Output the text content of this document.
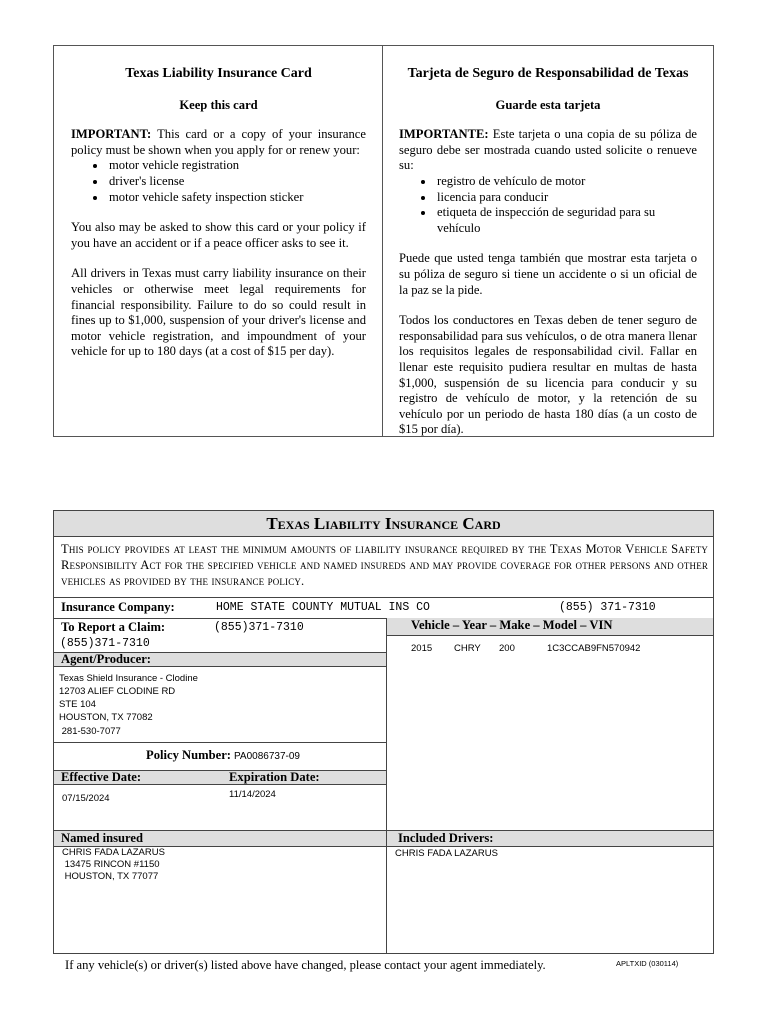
Texas Liability Insurance Card
Keep this card

IMPORTANT: This card or a copy of your insurance policy must be shown when you apply for or renew your:

• motor vehicle registration
• driver's license
• motor vehicle safety inspection sticker

You also may be asked to show this card or your policy if you have an accident or if a peace officer asks to see it.

All drivers in Texas must carry liability insurance on their vehicles or otherwise meet legal requirements for financial responsibility. Failure to do so could result in fines up to $1,000, suspension of your driver's license and motor vehicle registration, and impoundment of your vehicle for up to 180 days (at a cost of $15 per day).

Tarjeta de Seguro de Responsabilidad de Texas
Guarde esta tarjeta

IMPORTANTE: Este tarjeta o una copia de su póliza de seguro debe ser mostrada cuando usted solicite o renueve su:

• registro de vehículo de motor
• licencia para conducir
• etiqueta de inspección de seguridad para su vehículo

Puede que usted tenga también que mostrar esta tarjeta o su póliza de seguro si tiene un accidente o si un oficial de la paz se la pide.

Todos los conductores en Texas deben de tener seguro de responsabilidad para sus vehículos, o de otra manera llenar los requisitos legales de responsabilidad civil. Fallar en llenar este requisito pudiera resultar en multas de hasta $1,000, suspensión de su licencia para conducir y su registro de vehículo de motor, y la retención de su vehículo por un periodo de hasta 180 días (a un costo de $15 por día).

Texas Liability Insurance Card
This policy provides at least the minimum amounts of liability insurance required by the Texas Motor Vehicle Safety Responsibility Act for the specified vehicle and named insureds and may provide coverage for other persons and other vehicles as provided by the insurance policy.
Insurance Company:	HOME STATE COUNTY MUTUAL INS CO	(855) 371-7310
To Report a Claim:	(855)371-7310
(855)371-7310
Agent/Producer:
Texas Shield Insurance - Clodine
12703 ALIEF CLODINE RD
STE 104
HOUSTON, TX 77082
281-530-7077
Policy Number: PA0086737-09
Effective Date:	Expiration Date:
07/15/2024	11/14/2024
Named insured
CHRIS FADA LAZARUS
13475 RINCON #1150
HOUSTON, TX 77077
Vehicle – Year – Make – Model – VIN
2015 CHRY 200	1C3CCAB9FN570942
Included Drivers:
CHRIS FADA LAZARUS
If any vehicle(s) or driver(s) listed above have changed, please contact your agent immediately.	APLTXID (030114)
